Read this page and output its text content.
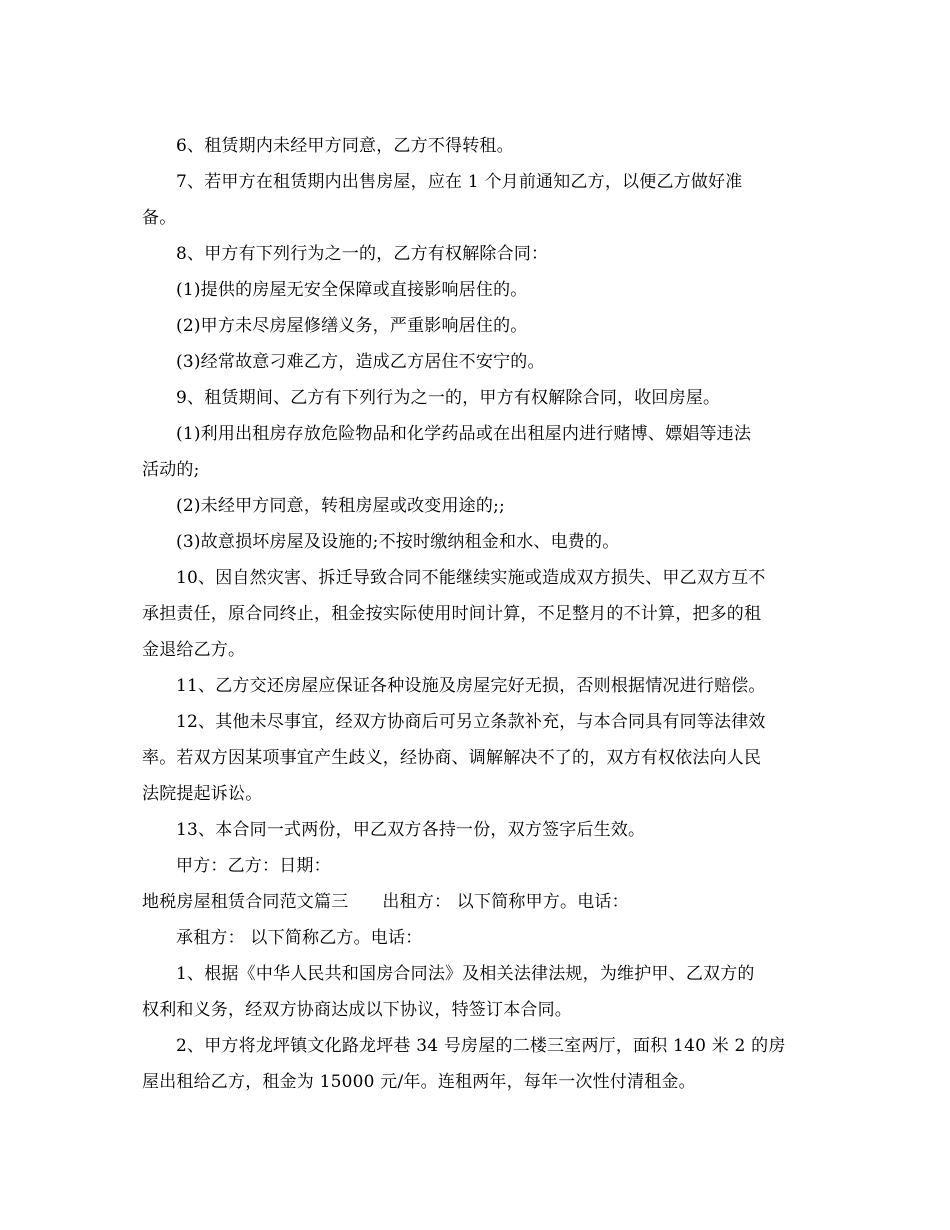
6、租赁期内未经甲方同意，乙方不得转租。
7、若甲方在租赁期内出售房屋，应在 1 个月前通知乙方，以便乙方做好准
备。
8、甲方有下列行为之一的，乙方有权解除合同：
(1)提供的房屋无安全保障或直接影响居住的。
(2)甲方未尽房屋修缮义务，严重影响居住的。
(3)经常故意刁难乙方，造成乙方居住不安宁的。
9、租赁期间、乙方有下列行为之一的，甲方有权解除合同，收回房屋。
(1)利用出租房存放危险物品和化学药品或在出租屋内进行赌博、嫖娼等违法
活动的;
(2)未经甲方同意，转租房屋或改变用途的;;
(3)故意损坏房屋及设施的;不按时缴纳租金和水、电费的。
10、因自然灾害、拆迁导致合同不能继续实施或造成双方损失、甲乙双方互不
承担责任，原合同终止，租金按实际使用时间计算，不足整月的不计算，把多的租
金退给乙方。
11、乙方交还房屋应保证各种设施及房屋完好无损，否则根据情况进行赔偿。
12、其他未尽事宜，经双方协商后可另立条款补充，与本合同具有同等法律效
率。若双方因某项事宜产生歧义，经协商、调解解决不了的，双方有权依法向人民
法院提起诉讼。
13、本合同一式两份，甲乙双方各持一份，双方签字后生效。
甲方：乙方：日期：
地税房屋租赁合同范文篇三 出租方： 以下简称甲方。电话：
承租方： 以下简称乙方。电话：
1、根据《中华人民共和国房合同法》及相关法律法规，为维护甲、乙双方的
权利和义务，经双方协商达成以下协议，特签订本合同。
2、甲方将龙坪镇文化路龙坪巷 34 号房屋的二楼三室两厅，面积 140 米 2 的房
屋出租给乙方，租金为 15000 元/年。连租两年，每年一次性付清租金。
